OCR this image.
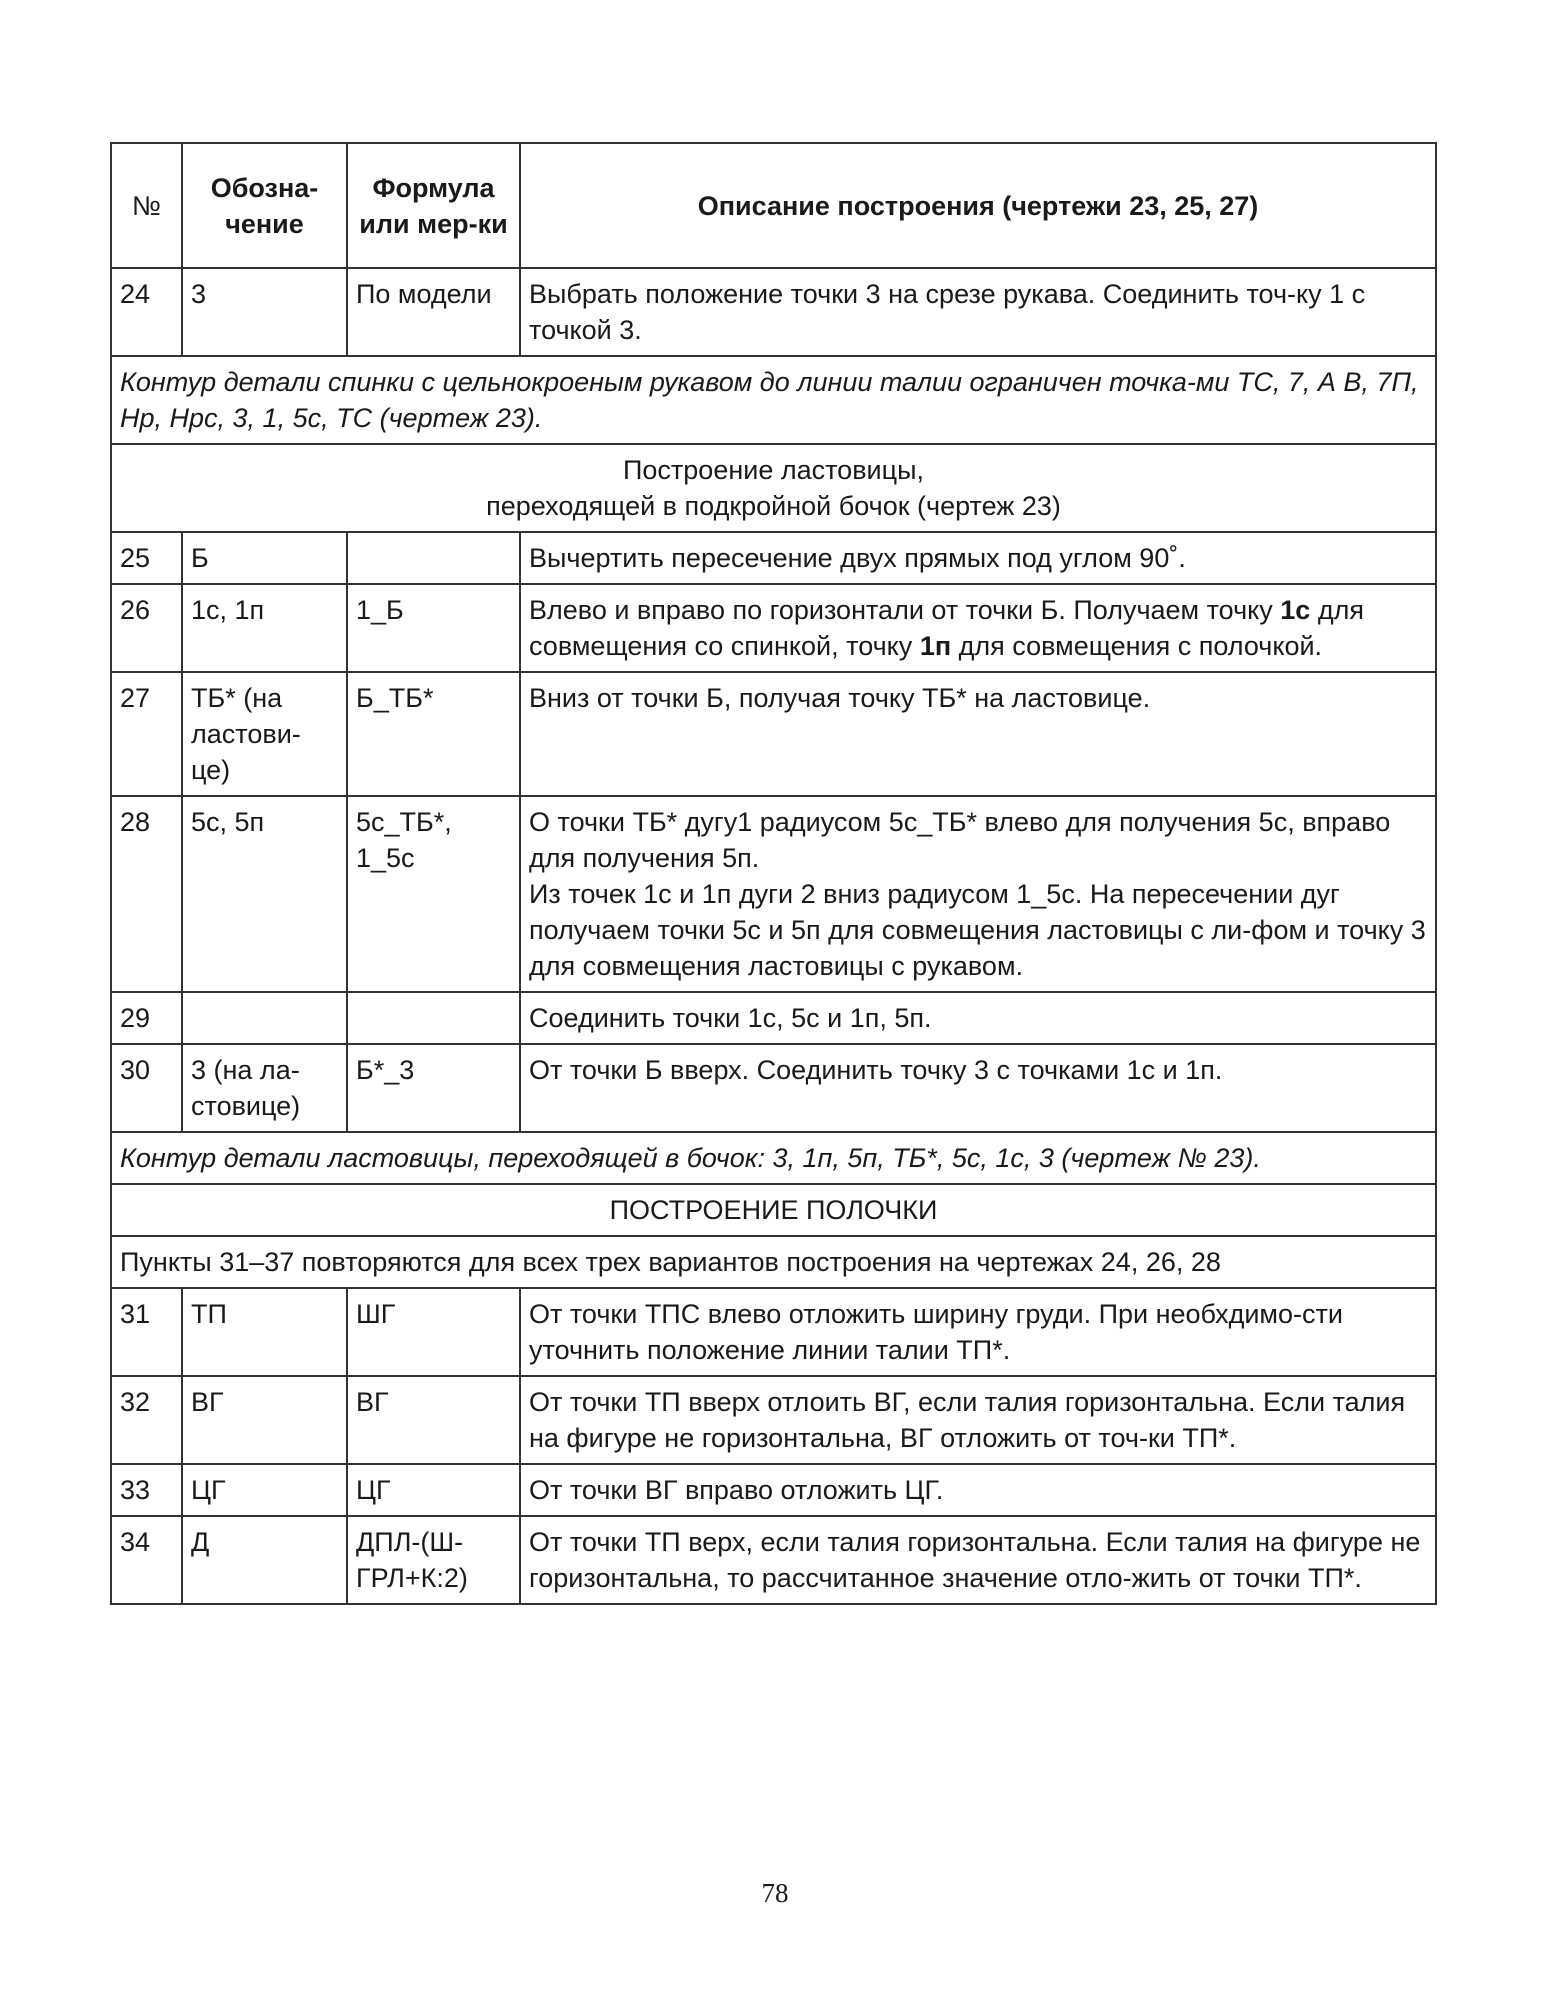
№	Обозна-чение	Формула или мер-ки	Описание построения (чертежи 23, 25, 27)
24	3	По модели	Выбрать положение точки 3 на срезе рукава. Соединить точ-ку 1 с точкой 3.
Контур детали спинки с цельнокроеным рукавом до линии талии ограничен точка-ми ТС, 7, А В, 7П, Нр, Нрс, 3, 1, 5с, ТС (чертеж 23).			

Построение ластовицы,
переходящей в подкройной бочок (чертеж 23)			

25	Б		Вычертить пересечение двух прямых под углом 90˚.
26	1с, 1п	1_Б	Влево и вправо по горизонтали от точки Б. Получаем точку 1с для совмещения со спинкой, точку 1п для совмещения с полочкой.
27	ТБ* (на ластови-це)	Б_ТБ*	Вниз от точки Б, получая точку ТБ* на ластовице.
28	5с, 5п	5с_ТБ*, 1_5с	О точки ТБ* дугу1 радиусом 5с_ТБ* влево для получения 5с, вправо для получения 5п.
Из точек 1с и 1п дуги 2 вниз радиусом 1_5с. На пересечении дуг получаем точки 5с и 5п для совмещения ластовицы с ли-фом и точку 3 для совмещения ластовицы с рукавом.

29			Соединить точки 1с, 5с и 1п, 5п.
30	3 (на ла-стовице)	Б*_3	От точки Б вверх. Соединить точку 3 с точками 1с и 1п.
Контур детали ластовицы, переходящей в бочок: 3, 1п, 5п, ТБ*, 5с, 1с, 3 (чертеж № 23).			
ПОСТРОЕНИЕ ПОЛОЧКИ			
Пункты 31–37 повторяются для всех трех вариантов построения на чертежах 24, 26, 28			
31	ТП	ШГ	От точки ТПС влево отложить ширину груди. При необхдимо-сти уточнить положение линии талии ТП*.
32	ВГ	ВГ	От точки ТП вверх отлоить ВГ, если талия горизонтальна. Если талия на фигуре не горизонтальна, ВГ отложить от точ-ки ТП*.
33	ЦГ	ЦГ	От точки ВГ вправо отложить ЦГ.
34	Д	ДПЛ-(Ш-ГРЛ+К:2)	От точки ТП верх, если талия горизонтальна. Если талия на фигуре не горизонтальна, то рассчитанное значение отло-жить от точки ТП*.
78
